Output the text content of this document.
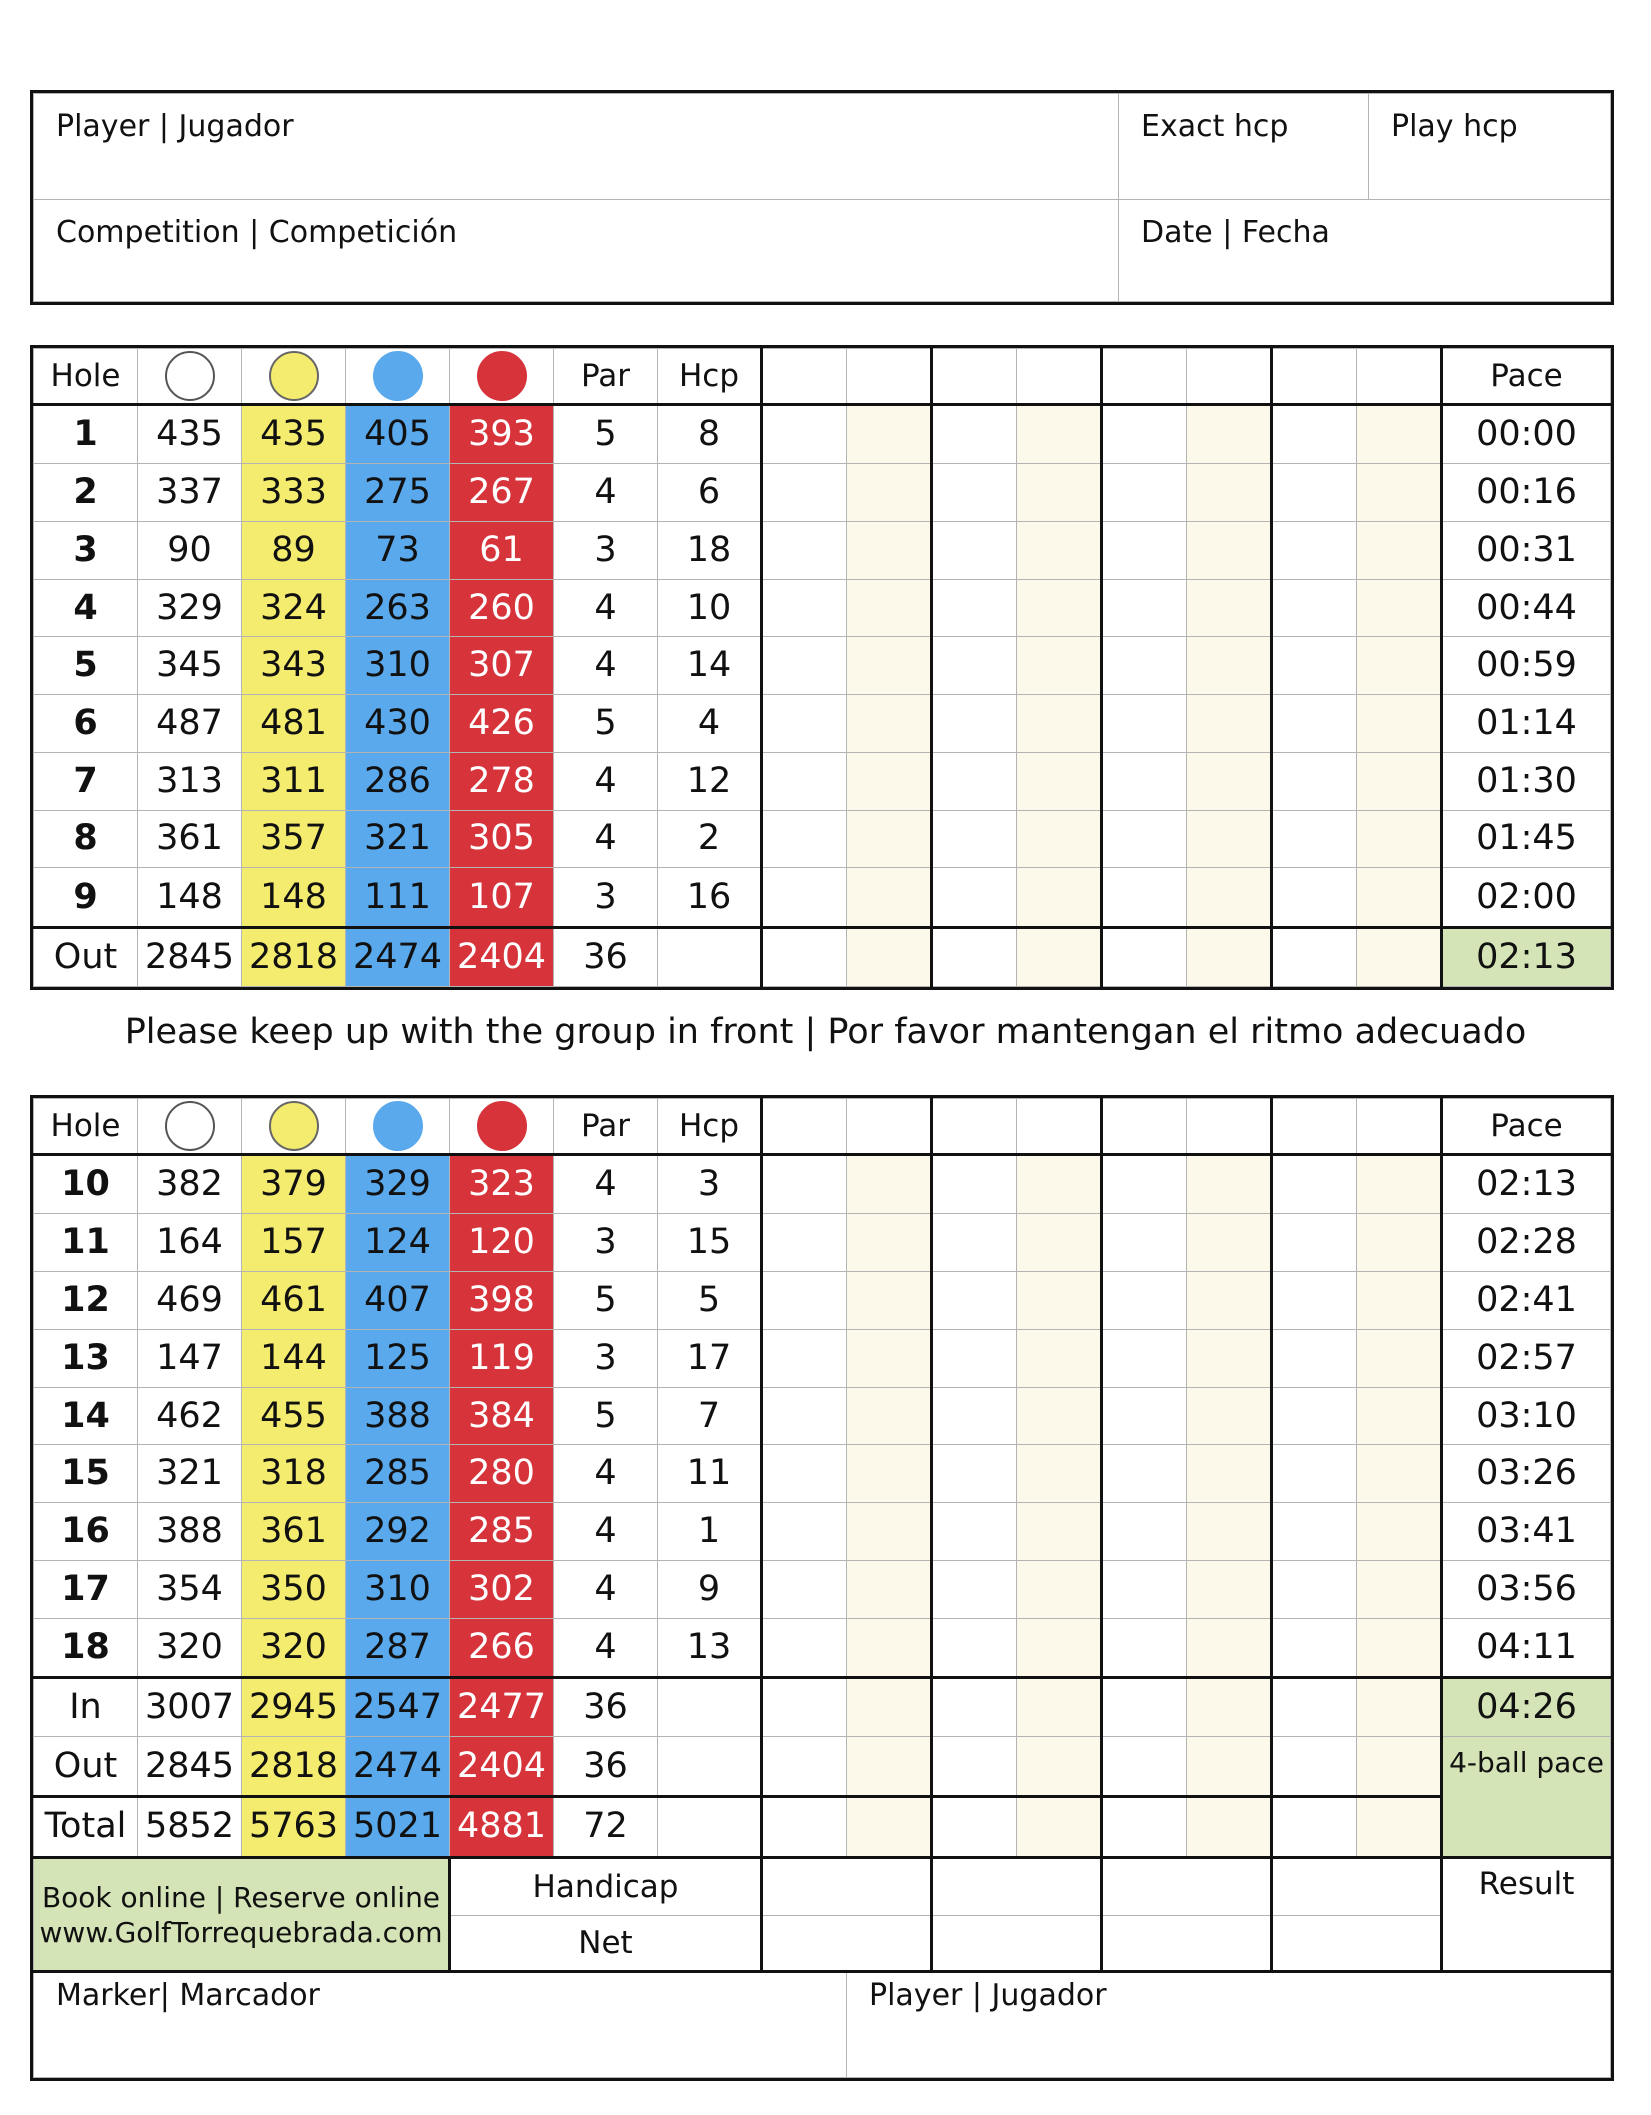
Player | Jugador	Exact hcp	Play hcp
Competition | Competición	Date | Fecha	
Hole					Par	Hcp									Pace
1	435	435	405	393	5	8									00:00
2	337	333	275	267	4	6									00:16
3	90	89	73	61	3	18									00:31
4	329	324	263	260	4	10									00:44
5	345	343	310	307	4	14									00:59
6	487	481	430	426	5	4									01:14
7	313	311	286	278	4	12									01:30
8	361	357	321	305	4	2									01:45
9	148	148	111	107	3	16									02:00
Out	2845	2818	2474	2404	36										02:13
Please keep up with the group in front | Por favor mantengan el ritmo adecuado
Hole					Par	Hcp									Pace
10	382	379	329	323	4	3									02:13
11	164	157	124	120	3	15									02:28
12	469	461	407	398	5	5									02:41
13	147	144	125	119	3	17									02:57
14	462	455	388	384	5	7									03:10
15	321	318	285	280	4	11									03:26
16	388	361	292	285	4	1									03:41
17	354	350	310	302	4	9									03:56
18	320	320	287	266	4	13									04:11
In	3007	2945	2547	2477	36										04:26
Out	2845	2818	2474	2404	36										4-ball pace
Total	5852	5763	5021	4881	72										

Book online | Reserve online
www.GolfTorrequebrada.com				Handicap											Result
				Net											
Marker| Marcador								Player | Jugador							
